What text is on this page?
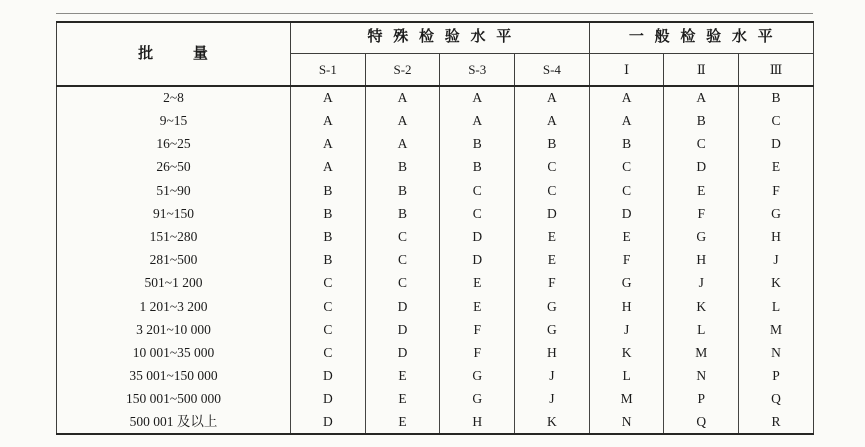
批 量	特 殊 检 验 水 平				一 般 检 验 水 平		
	S-1	S-2	S-3	S-4	Ⅰ	Ⅱ	Ⅲ
2~8	A	A	A	A	A	A	B
9~15	A	A	A	A	A	B	C
16~25	A	A	B	B	B	C	D
26~50	A	B	B	C	C	D	E
51~90	B	B	C	C	C	E	F
91~150	B	B	C	D	D	F	G
151~280	B	C	D	E	E	G	H
281~500	B	C	D	E	F	H	J
501~1 200	C	C	E	F	G	J	K
1 201~3 200	C	D	E	G	H	K	L
3 201~10 000	C	D	F	G	J	L	M
10 001~35 000	C	D	F	H	K	M	N
35 001~150 000	D	E	G	J	L	N	P
150 001~500 000	D	E	G	J	M	P	Q
500 001 及以上	D	E	H	K	N	Q	R
